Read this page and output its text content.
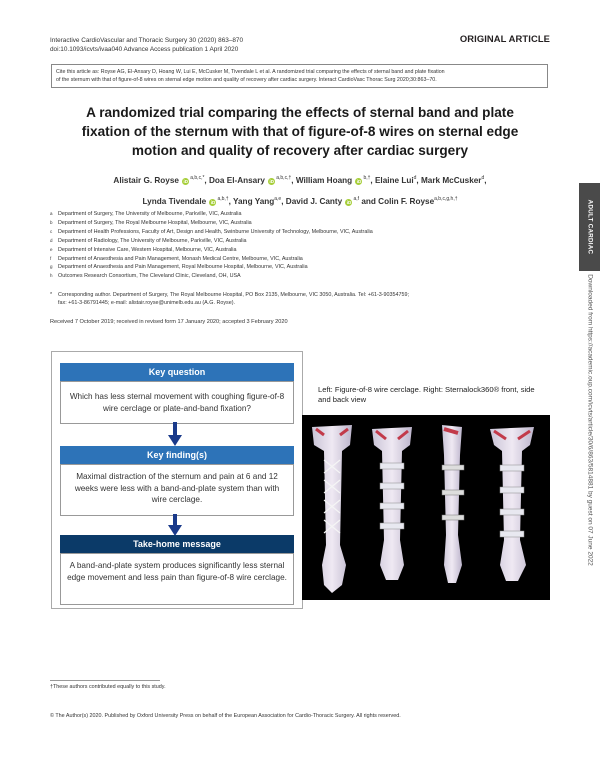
Interactive CardioVascular and Thoracic Surgery 30 (2020) 863–870
doi:10.1093/icvts/ivaa040 Advance Access publication 1 April 2020
ORIGINAL ARTICLE
Cite this article as: Royse AG, El-Ansary D, Hoang W, Lui E, McCusker M, Tivendale L et al. A randomized trial comparing the effects of sternal band and plate fixation
of the sternum with that of figure-of-8 wires on sternal edge motion and quality of recovery after cardiac surgery. Interact CardioVasc Thorac Surg 2020;30:863–70.
A randomized trial comparing the effects of sternal band and plate
fixation of the sternum with that of figure-of-8 wires on sternal edge
motion and quality of recovery after cardiac surgery
Alistair G. Royse $iD^{a,b,c,*}$, Doa El-Ansary $iD^{a,b,c,\dagger}$, William Hoang $iD^{b,\dagger}$, Elaine Lui$^d$, Mark McCusker$^d$,
Lynda Tivendale $iD^{a,b,\dagger}$, Yang Yang$^{a,e}$, David J. Canty iD$^{a,f}$ and Colin F. Royse$^{a,b,c,g,h,\dagger}$
a Department of Surgery, The University of Melbourne, Parkville, VIC, Australia
b Department of Surgery, The Royal Melbourne Hospital, Melbourne, VIC, Australia
c Department of Health Professions, Faculty of Art, Design and Health, Swinburne University of Technology, Melbourne, VIC, Australia
d Department of Radiology, The University of Melbourne, Parkville, VIC, Australia
e Department of Intensive Care, Western Hospital, Melbourne, VIC, Australia
f Department of Anaesthesia and Pain Management, Monash Medical Centre, Melbourne, VIC, Australia
g Department of Anaesthesia and Pain Management, Royal Melbourne Hospital, Melbourne, VIC, Australia
h Outcomes Research Consortium, The Cleveland Clinic, Cleveland, OH, USA
* Corresponding author. Department of Surgery, The Royal Melbourne Hospital, PO Box 2135, Melbourne, VIC 3050, Australia. Tel: +61-3-90354759;
fax: +61-3-86791445; e-mail: alistair.royse@unimelb.edu.au (A.G. Royse).
Received 7 October 2019; received in revised form 17 January 2020; accepted 3 February 2020
ADULT CARDIAC
Downloaded from https://academic.oup.com/icvts/article/30/6/863/5814881 by guest on 07 June 2022
Key question
Which has less sternal movement with coughing figure-of-8 wire cerclage or plate-and-band fixation?
Key finding(s)
Maximal distraction of the sternum and pain at 6 and 12 weeks were less with a band-and-plate system than with wire cerclage.
Take-home message
A band-and-plate system produces significantly less sternal edge movement and less pain than figure-of-8 wire cerclage.
Left: Figure-of-8 wire cerclage. Right: Sternalock360® front, side and back view
†These authors contributed equally to this study.
© The Author(s) 2020. Published by Oxford University Press on behalf of the European Association for Cardio-Thoracic Surgery. All rights reserved.
